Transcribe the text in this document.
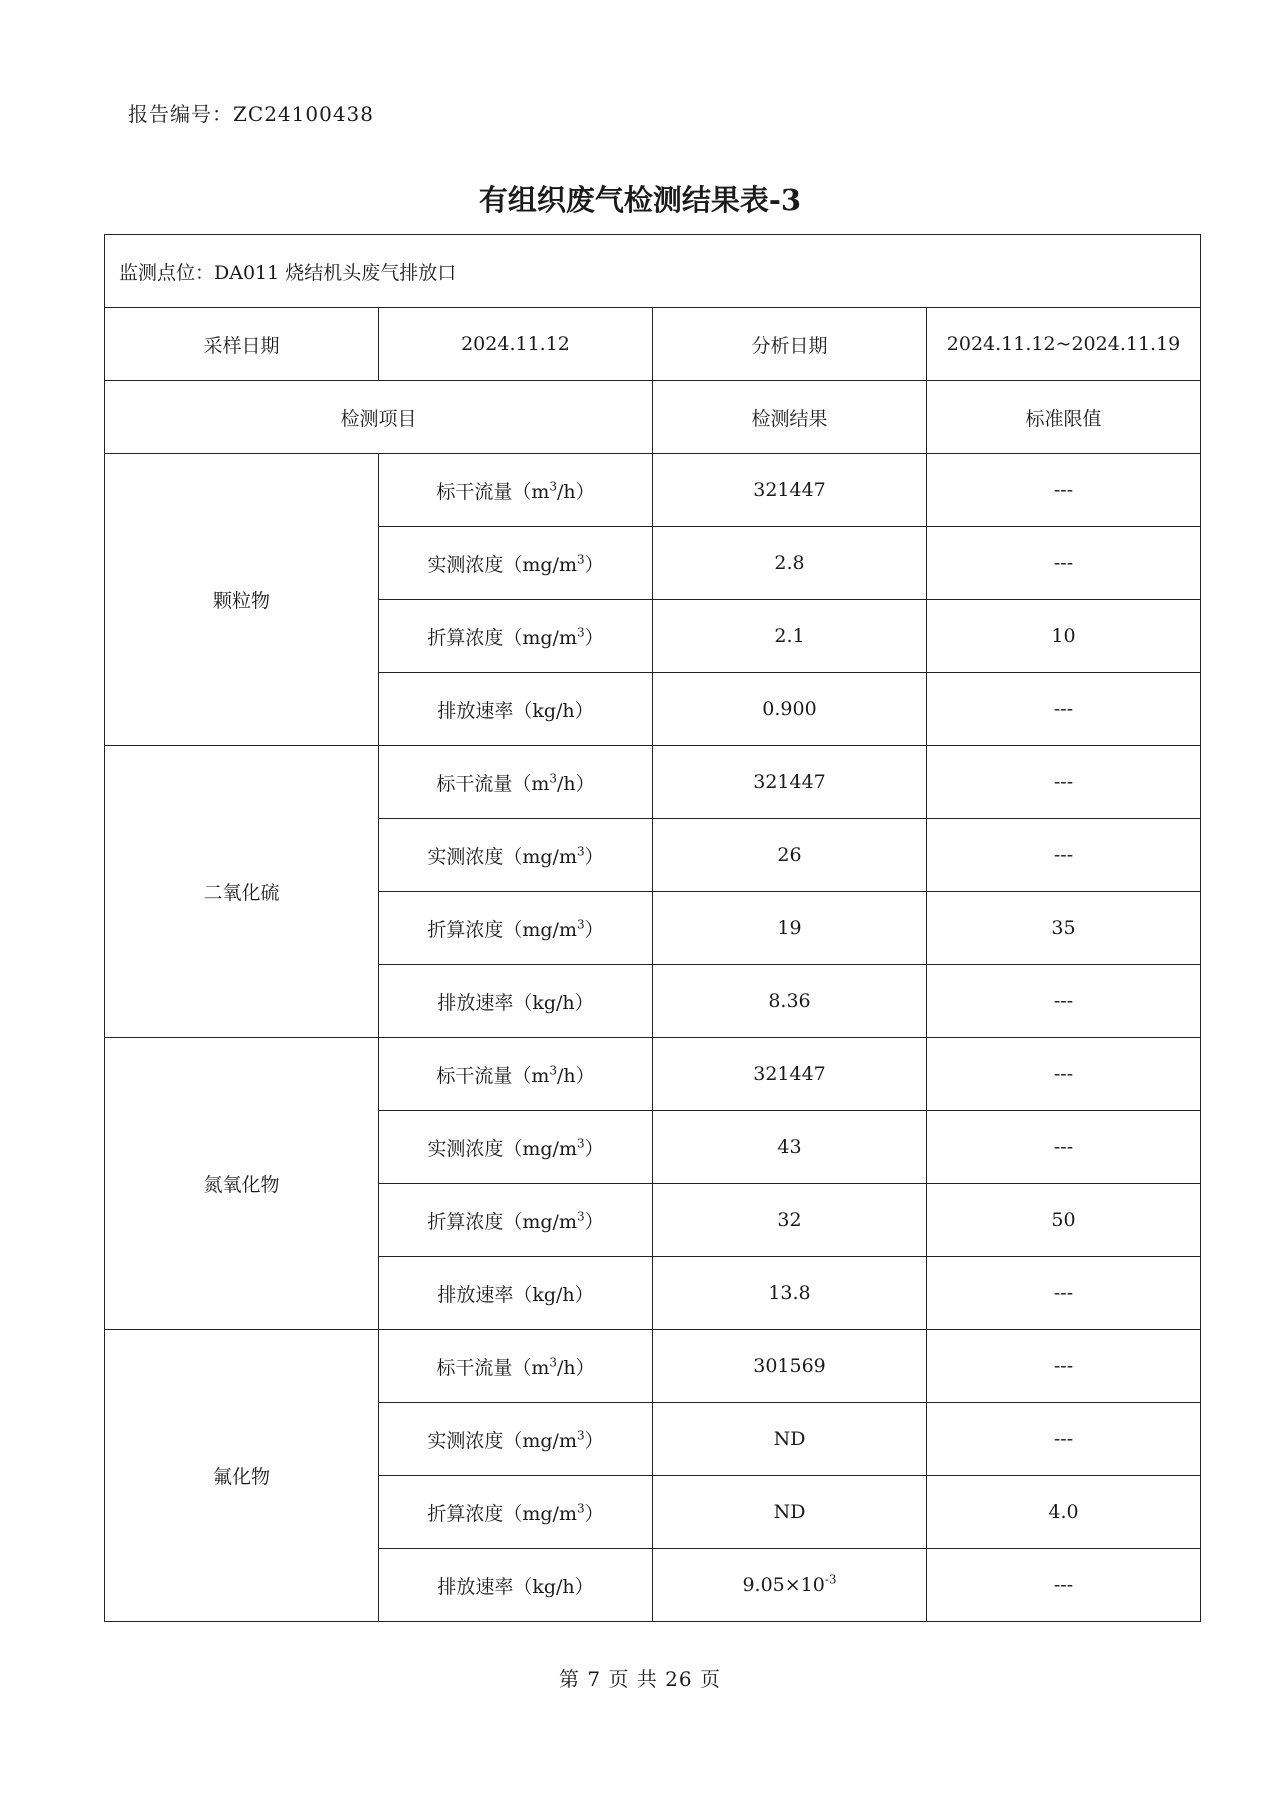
报告编号：ZC24100438
有组织废气检测结果表-3
监测点位：DA011 烧结机头废气排放口			
采样日期	2024.11.12	分析日期	2024.11.12~2024.11.19
检测项目		检测结果	标准限值
颗粒物	标干流量$(m^3/h)$	321447	---
	实测浓度$(mg/m^3)$	2.8	---
	折算浓度$(mg/m^3)$	2.1	10
	排放速率（kg/h）	0.900	---
二氧化硫	标干流量$(m^3/h)$	321447	---
	实测浓度$(mg/m^3)$	26	---
	折算浓度$(mg/m^3)$	19	35
	排放速率（kg/h）	8.36	---
氮氧化物	标干流量$(m^3/h)$	321447	---
	实测浓度$(mg/m^3)$	43	---
	折算浓度$(mg/m^3)$	32	50
	排放速率（kg/h）	13.8	---
氟化物	标干流量$(m^3/h)$	301569	---
	实测浓度$(mg/m^3)$	ND	---
	折算浓度$(mg/m^3)$	ND	4.0
	排放速率（kg/h）	$9.05\times 10^{-3}$	---
第 7 页 共 26 页
